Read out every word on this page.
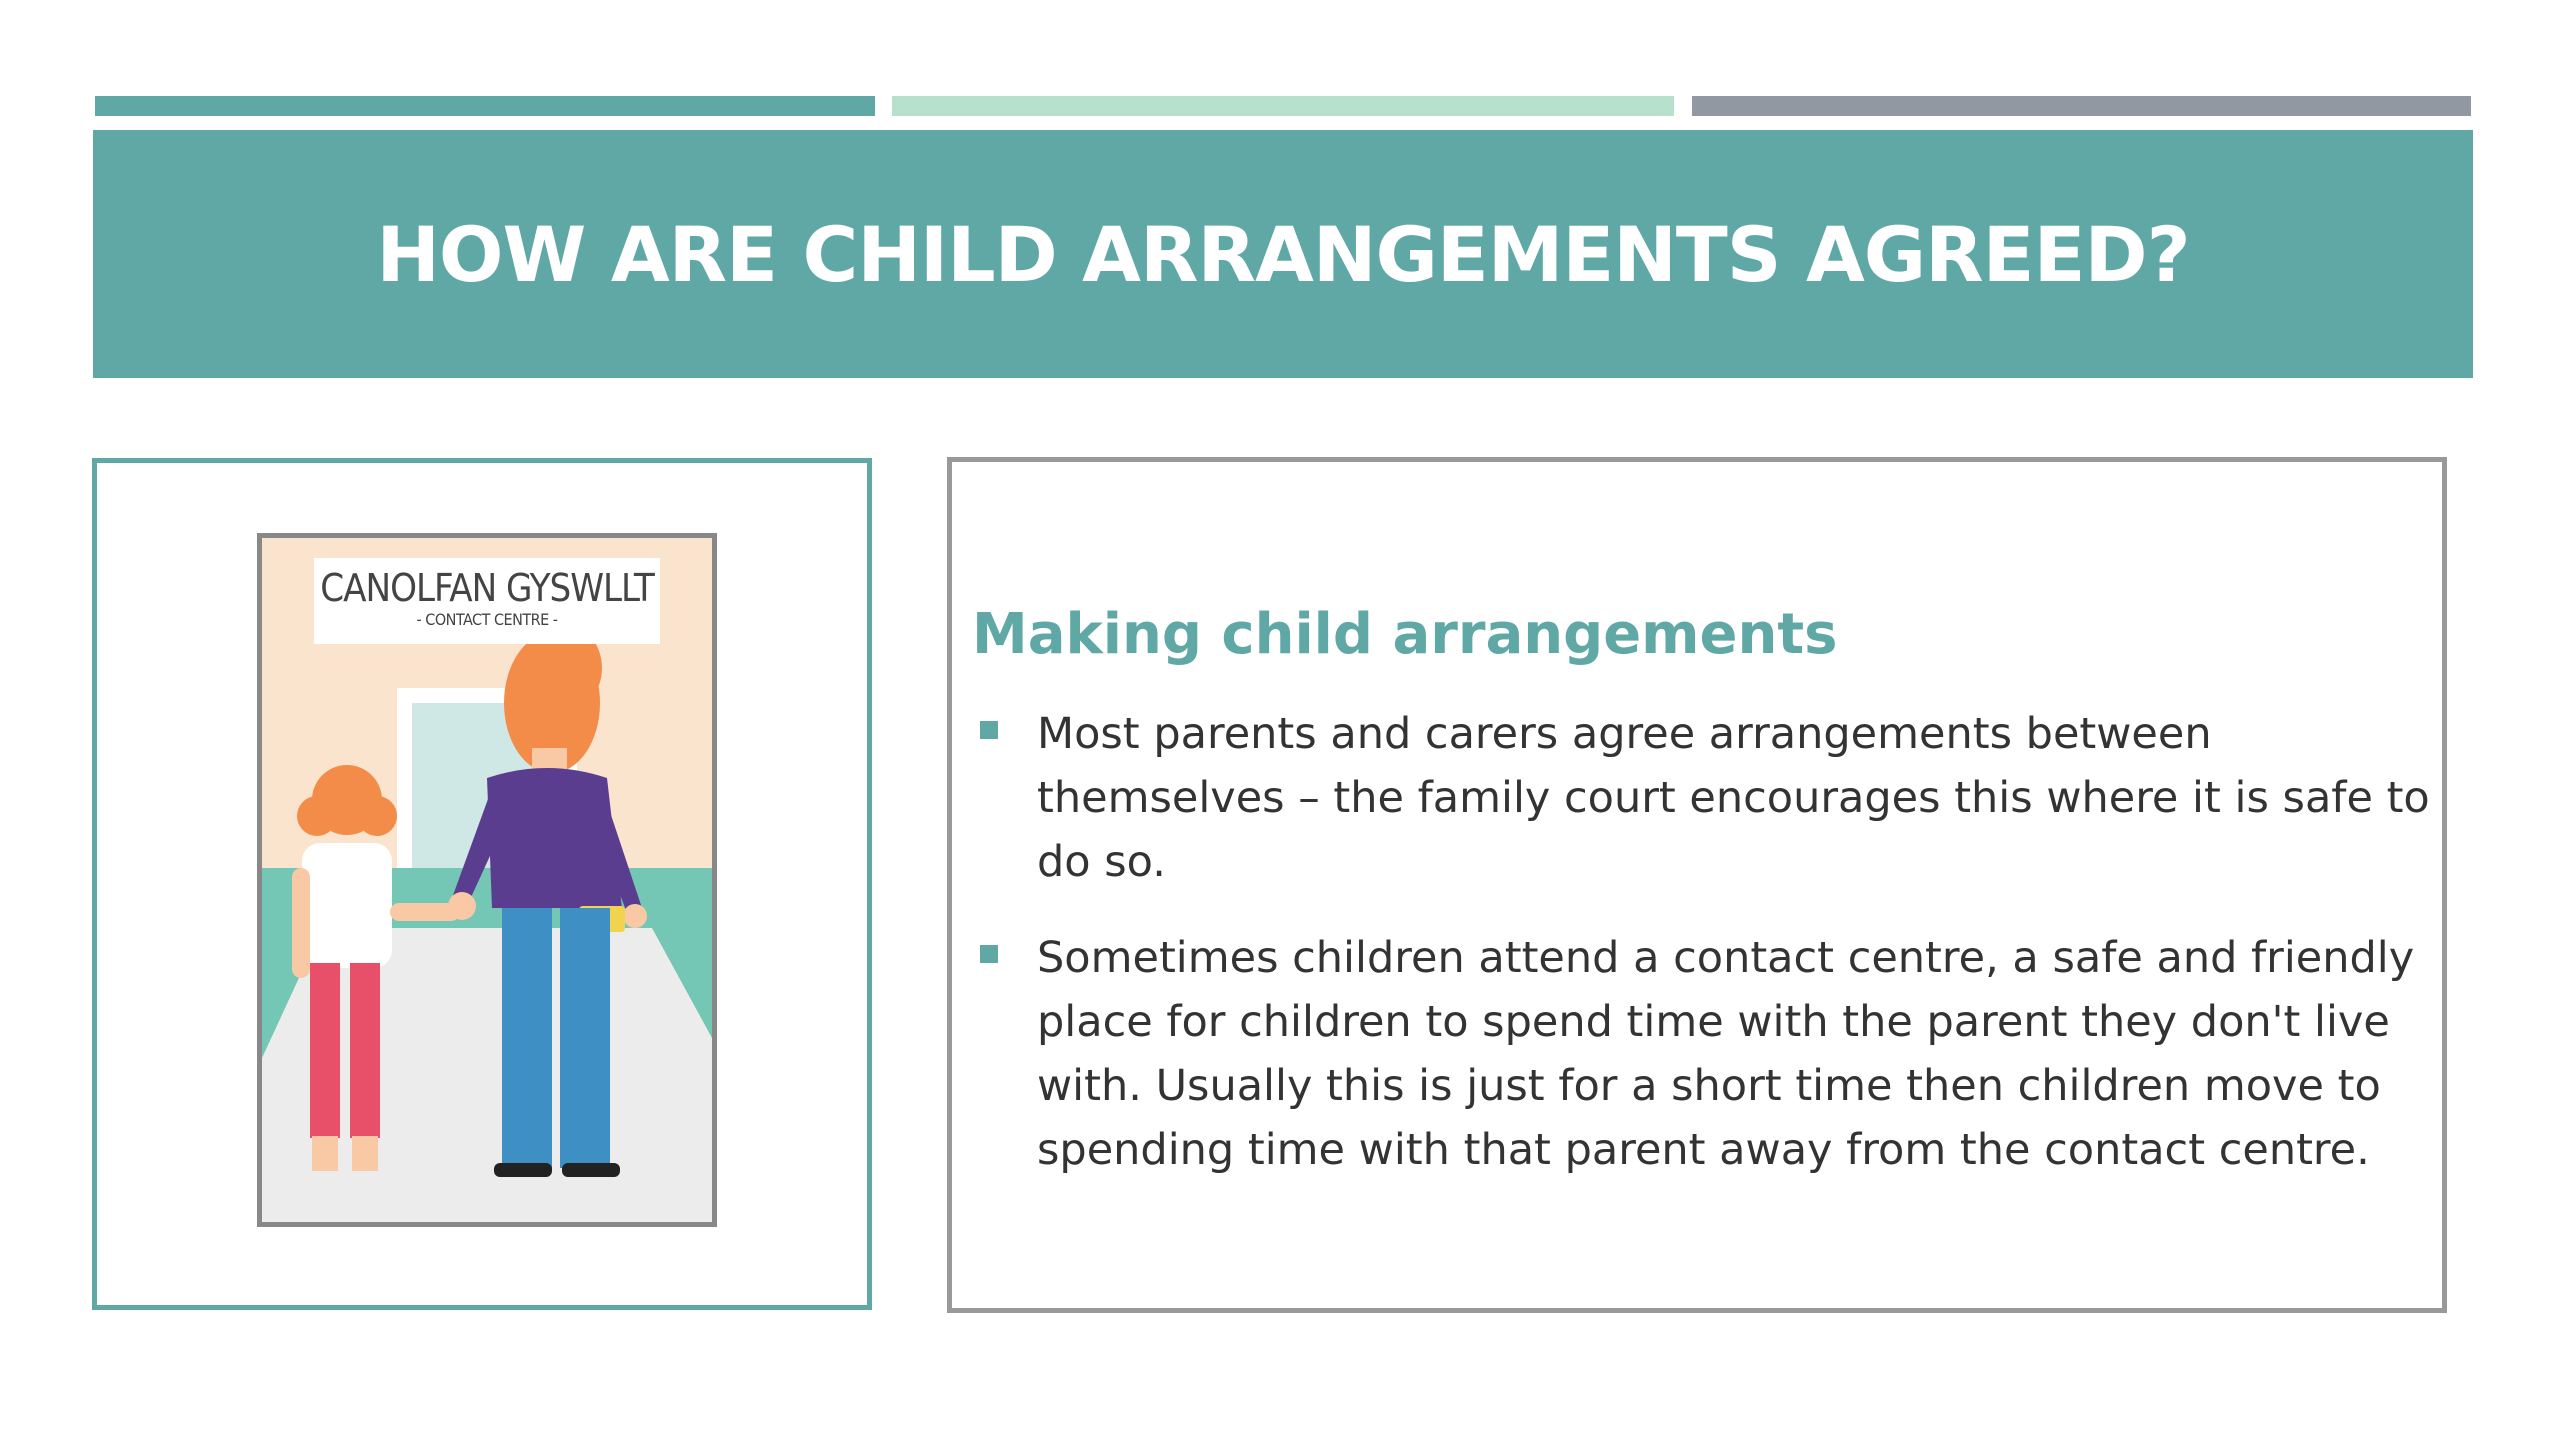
HOW ARE CHILD ARRANGEMENTS AGREED?
CANOLFAN GYSWLLT
- CONTACT CENTRE -	Making child arrangements
Most parents and carers agree arrangements between themselves – the family court encourages this where it is safe to do so.
Sometimes children attend a contact centre, a safe and friendly place for children to spend time with the parent they don't live with. Usually this is just for a short time then children move to spending time with that parent away from the contact centre.
